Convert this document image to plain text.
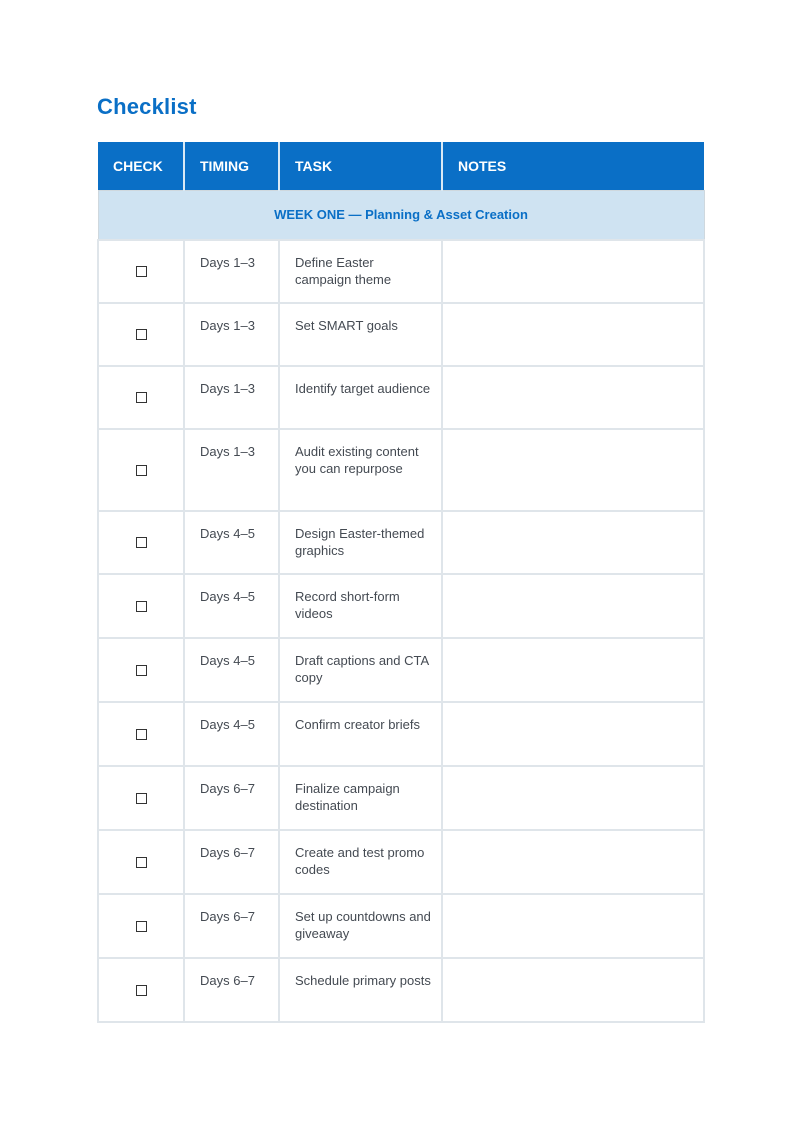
Checklist
CHECK	TIMING	TASK	NOTES
WEEK ONE — Planning & Asset Creation			

	Days 1–3	Define Easter campaign theme	

	Days 1–3	Set SMART goals	

	Days 1–3	Identify target audience	

	Days 1–3	Audit existing content you can repurpose	

	Days 4–5	Design Easter-themed graphics	

	Days 4–5	Record short-form videos	

	Days 4–5	Draft captions and CTA copy	

	Days 4–5	Confirm creator briefs	

	Days 6–7	Finalize campaign destination	

	Days 6–7	Create and test promo codes	

	Days 6–7	Set up countdowns and giveaway	

	Days 6–7	Schedule primary posts	
